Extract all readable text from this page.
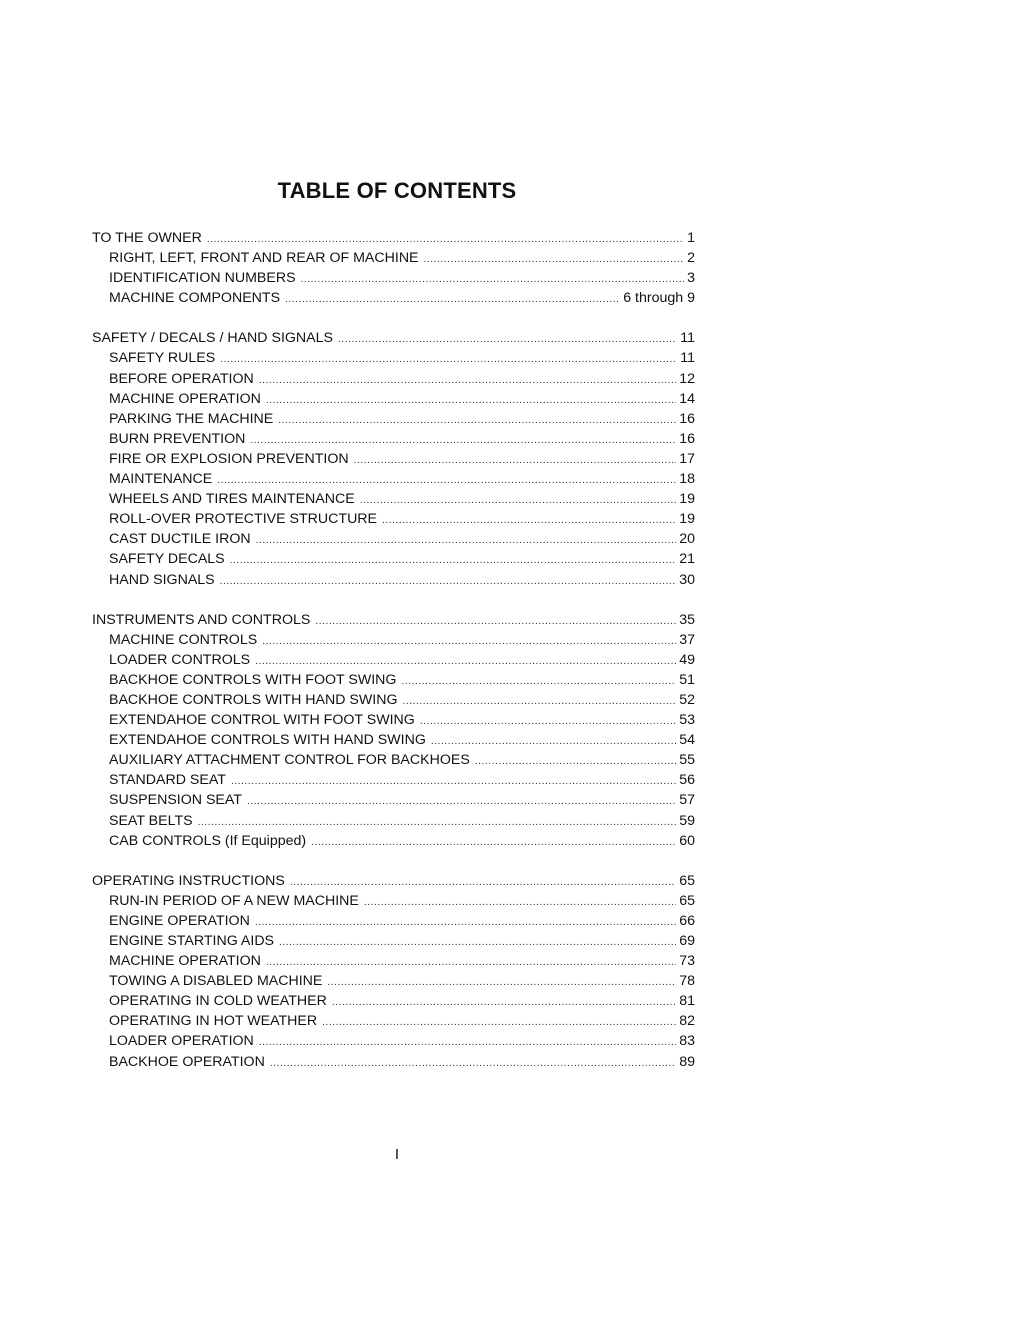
TABLE OF CONTENTS
TO THE OWNER .....	1
RIGHT, LEFT, FRONT AND REAR OF MACHINE .....	2
IDENTIFICATION NUMBERS .....	3
MACHINE COMPONENTS .....	6 through 9
SAFETY / DECALS / HAND SIGNALS .....	11
SAFETY RULES .....	11
BEFORE OPERATION .....	12
MACHINE OPERATION .....	14
PARKING THE MACHINE .....	16
BURN PREVENTION .....	16
FIRE OR EXPLOSION PREVENTION .....	17
MAINTENANCE .....	18
WHEELS AND TIRES MAINTENANCE .....	19
ROLL-OVER PROTECTIVE STRUCTURE .....	19
CAST DUCTILE IRON .....	20
SAFETY DECALS .....	21
HAND SIGNALS .....	30
INSTRUMENTS AND CONTROLS .....	35
MACHINE CONTROLS .....	37
LOADER CONTROLS .....	49
BACKHOE CONTROLS WITH FOOT SWING .....	51
BACKHOE CONTROLS WITH HAND SWING .....	52
EXTENDAHOE CONTROL WITH FOOT SWING .....	53
EXTENDAHOE CONTROLS WITH HAND SWING .....	54
AUXILIARY ATTACHMENT CONTROL FOR BACKHOES .....	55
STANDARD SEAT .....	56
SUSPENSION SEAT .....	57
SEAT BELTS .....	59
CAB CONTROLS (If Equipped) .....	60
OPERATING INSTRUCTIONS .....	65
RUN-IN PERIOD OF A NEW MACHINE .....	65
ENGINE OPERATION .....	66
ENGINE STARTING AIDS .....	69
MACHINE OPERATION .....	73
TOWING A DISABLED MACHINE .....	78
OPERATING IN COLD WEATHER .....	81
OPERATING IN HOT WEATHER .....	82
LOADER OPERATION .....	83
BACKHOE OPERATION .....	89
I
